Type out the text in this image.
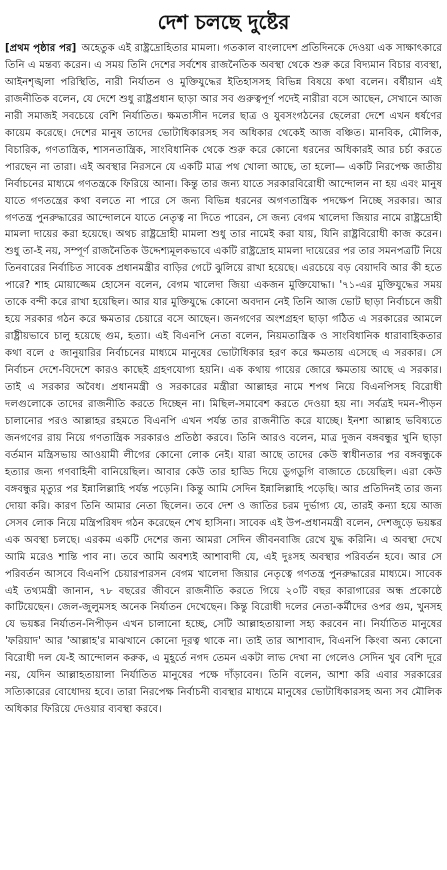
দেশ চলছে দুষ্টের

[প্রথম পৃষ্ঠার পর] অহেতুক এই রাষ্ট্রদ্রোহিতার মামলা। গতকাল বাংলাদেশ প্রতিদিনকে দেওয়া এক সাক্ষাৎকারে তিনি এ মন্তব্য করেন। এ সময় তিনি দেশের সর্বশেষ রাজনৈতিক অবস্থা থেকে শুরু করে বিদ্যমান বিচার ব্যবস্থা, আইনশৃঙ্খলা পরিস্থিতি, নারী নির্যাতন ও মুক্তিযুদ্ধের ইতিহাসসহ বিভিন্ন বিষয়ে কথা বলেন। বর্ষীয়ান এই রাজনীতিক বলেন, যে দেশে শুধু রাষ্ট্রপ্রধান ছাড়া আর সব গুরুত্বপূর্ণ পদেই নারীরা বসে আছেন, সেখানে আজ নারী সমাজই সবচেয়ে বেশি নির্যাতিত। ক্ষমতাসীন দলের ছাত্র ও যুবসংগঠনের ছেলেরা দেশে এখন ধর্ষণের কায়েম করেছে। দেশের মানুষ তাদের ভোটাধিকারসহ সব অধিকার থেকেই আজ বঞ্চিত। মানবিক, মৌলিক, বিচারিক, গণতান্ত্রিক, শাসনতান্ত্রিক, সাংবিধানিক থেকে শুরু করে কোনো ধরনের অধিকারই আর চর্চা করতে পারছেন না তারা। এই অবস্থার নিরসনে যে একটি মাত্র পথ খোলা আছে, তা হলো— একটি নিরপেক্ষ জাতীয় নির্বাচনের মাধ্যমে গণতন্ত্রকে ফিরিয়ে আনা। কিন্তু তার জন্য যাতে সরকারবিরোধী আন্দোলন না হয় এবং মানুষ যাতে গণতন্ত্রের কথা বলতে না পারে সে জন্য বিভিন্ন ধরনের অগণতান্ত্রিক পদক্ষেপ নিচ্ছে সরকার। আর গণতন্ত্র পুনরুদ্ধারের আন্দোলনে যাতে নেতৃত্ব না দিতে পারেন, সে জন্য বেগম খালেদা জিয়ার নামে রাষ্ট্রদ্রোহী মামলা দায়ের করা হয়েছে। অথচ রাষ্ট্রদ্রোহী মামলা শুধু তার নামেই করা যায়, যিনি রাষ্ট্রবিরোধী কাজ করেন। শুধু তা-ই নয়, সম্পূর্ণ রাজনৈতিক উদ্দেশ্যমূলকভাবে একটি রাষ্ট্রদ্রোহ মামলা দায়েরের পর তার সমনপত্রটি নিয়ে তিনবারের নির্বাচিত সাবেক প্রধানমন্ত্রীর বাড়ির গেটে ঝুলিয়ে রাখা হয়েছে। এরচেয়ে বড় বেয়াদবি আর কী হতে পারে? শাহ মোয়াজ্জেম হোসেন বলেন, বেগম খালেদা জিয়া একজন মুক্তিযোদ্ধা। '৭১-এর মুক্তিযুদ্ধের সময় তাকে বন্দী করে রাখা হয়েছিল। আর যার মুক্তিযুদ্ধে কোনো অবদান নেই তিনি আজ ভোট ছাড়া নির্বাচনে জয়ী হয়ে সরকার গঠন করে ক্ষমতার চেয়ারে বসে আছেন। জনগণের অংশগ্রহণ ছাড়া গঠিত এ সরকারের আমলে রাষ্ট্রীয়ভাবে চালু হয়েছে গুম, হত্যা। এই বিএনপি নেতা বলেন, নিয়মতান্ত্রিক ও সাংবিধানিক ধারাবাহিকতার কথা বলে ৫ জানুয়ারির নির্বাচনের মাধ্যমে মানুষের ভোটাধিকার হরণ করে ক্ষমতায় এসেছে এ সরকার। সে নির্বাচন দেশে-বিদেশে কারও কাছেই গ্রহণযোগ্য হয়নি। এক কথায় গায়ের জোরে ক্ষমতায় আছে এ সরকার। তাই এ সরকার অবৈধ। প্রধানমন্ত্রী ও সরকারের মন্ত্রীরা আল্লাহর নামে শপথ নিয়ে বিএনপিসহ বিরোধী দলগুলোকে তাদের রাজনীতি করতে দিচ্ছেন না। মিছিল-সমাবেশ করতে দেওয়া হয় না। সর্বত্রই দমন-পীড়ন চালানোর পরও আল্লাহর রহমতে বিএনপি এখন পর্যন্ত তার রাজনীতি করে যাচ্ছে। ইনশা আল্লাহ ভবিষ্যতে জনগণের রায় নিয়ে গণতান্ত্রিক সরকারও প্রতিষ্ঠা করবে। তিনি আরও বলেন, মাত্র দুজন বঙ্গবন্ধুর খুনি ছাড়া বর্তমান মন্ত্রিসভায় আওয়ামী লীগের কোনো লোক নেই। যারা আছে তাদের কেউ স্বাধীনতার পর বঙ্গবন্ধুকে হত্যার জন্য গণবাহিনী বানিয়েছিল। আবার কেউ তার হাড্ডি দিয়ে ডুগডুগি বাজাতে চেয়েছিল। এরা কেউ বঙ্গবন্ধুর মৃত্যুর পর ইন্নালিল্লাহি পর্যন্ত পড়েনি। কিন্তু আমি সেদিন ইন্নালিল্লাহি পড়েছি। আর প্রতিদিনই তার জন্য দোয়া করি। কারণ তিনি আমার নেতা ছিলেন। তবে দেশ ও জাতির চরম দুর্ভাগ্য যে, তারই কন্যা হয়ে আজ সেসব লোক নিয়ে মন্ত্রিপরিষদ গঠন করেছেন শেখ হাসিনা। সাবেক এই উপ-প্রধানমন্ত্রী বলেন, দেশজুড়ে ভয়ঙ্কর এক অবস্থা চলছে। এরকম একটি দেশের জন্য আমরা সেদিন জীবনবাজি রেখে যুদ্ধ করিনি। এ অবস্থা দেখে আমি মরেও শান্তি পাব না। তবে আমি অবশ্যই আশাবাদী যে, এই দুঃসহ অবস্থার পরিবর্তন হবে। আর সে পরিবর্তন আসবে বিএনপি চেয়ারপারসন বেগম খালেদা জিয়ার নেতৃত্বে গণতন্ত্র পুনরুদ্ধারের মাধ্যমে। সাবেক এই তথ্যমন্ত্রী জানান, ৭৮ বছরের জীবনে রাজনীতি করতে গিয়ে ২০টি বছর কারাগারের অন্ধ প্রকোষ্ঠে কাটিয়েছেন। জেল-জুলুমসহ অনেক নির্যাতন দেখেছেন। কিন্তু বিরোধী দলের নেতা-কর্মীদের ওপর গুম, খুনসহ যে ভয়ঙ্কর নির্যাতন-নিপীড়ন এখন চালানো হচ্ছে, সেটি আল্লাহতায়ালা সহ্য করবেন না। নির্যাতিত মানুষের 'ফরিয়াদ' আর 'আল্লাহ'র মাঝখানে কোনো দূরত্ব থাকে না। তাই তার আশাবাদ, বিএনপি কিংবা অন্য কোনো বিরোধী দল যে-ই আন্দোলন করুক, এ মুহূর্তে নগদ তেমন একটা লাভ দেখা না গেলেও সেদিন খুব বেশি দূরে নয়, যেদিন আল্লাহতায়ালা নির্যাতিত মানুষের পক্ষে দাঁড়াবেন। তিনি বলেন, আশা করি এবার সরকারের সত্যিকারের বোধোদয় হবে। তারা নিরপেক্ষ নির্বাচনী ব্যবস্থার মাধ্যমে মানুষের ভোটাধিকারসহ অন্য সব মৌলিক অধিকার ফিরিয়ে দেওয়ার ব্যবস্থা করবে।
